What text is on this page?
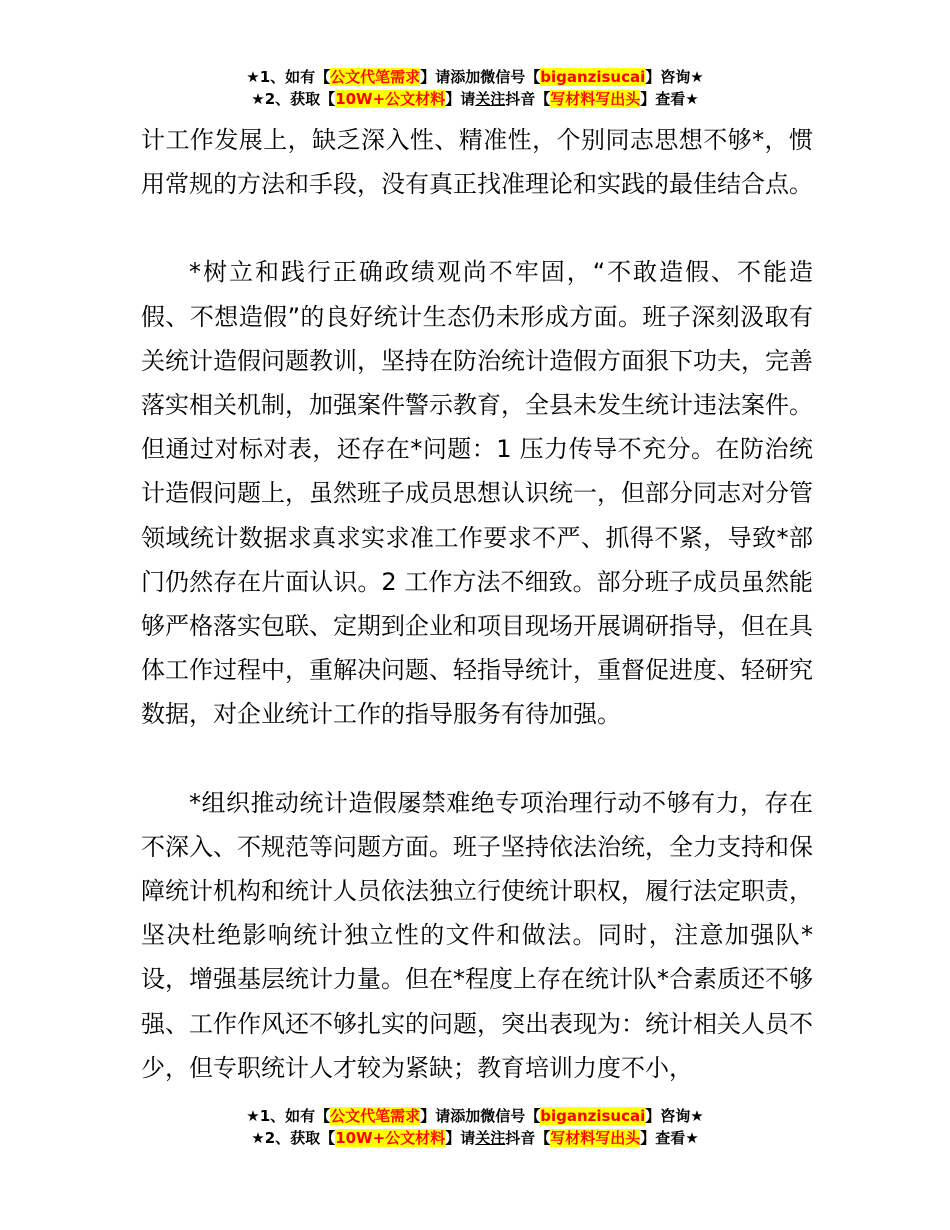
★1、如有【公文代笔需求】请添加微信号【biganzisucai】咨询★
★2、获取【10W+公文材料】请关注抖音【写材料写出头】查看★

计工作发展上，缺乏深入性、精准性，个别同志思想不够*，惯用常规的方法和手段，没有真正找准理论和实践的最佳结合点。

*树立和践行正确政绩观尚不牢固，“不敢造假、不能造假、不想造假”的良好统计生态仍未形成方面。班子深刻汲取有关统计造假问题教训，坚持在防治统计造假方面狠下功夫，完善落实相关机制，加强案件警示教育，全县未发生统计违法案件。但通过对标对表，还存在*问题：1 压力传导不充分。在防治统计造假问题上，虽然班子成员思想认识统一，但部分同志对分管领域统计数据求真求实求准工作要求不严、抓得不紧，导致*部门仍然存在片面认识。2 工作方法不细致。部分班子成员虽然能够严格落实包联、定期到企业和项目现场开展调研指导，但在具体工作过程中，重解决问题、轻指导统计，重督促进度、轻研究数据，对企业统计工作的指导服务有待加强。

*组织推动统计造假屡禁难绝专项治理行动不够有力，存在不深入、不规范等问题方面。班子坚持依法治统，全力支持和保障统计机构和统计人员依法独立行使统计职权，履行法定职责，坚决杜绝影响统计独立性的文件和做法。同时，注意加强队*设，增强基层统计力量。但在*程度上存在统计队*合素质还不够强、工作作风还不够扎实的问题，突出表现为：统计相关人员不少，但专职统计人才较为紧缺；教育培训力度不小，

★1、如有【公文代笔需求】请添加微信号【biganzisucai】咨询★
★2、获取【10W+公文材料】请关注抖音【写材料写出头】查看★
